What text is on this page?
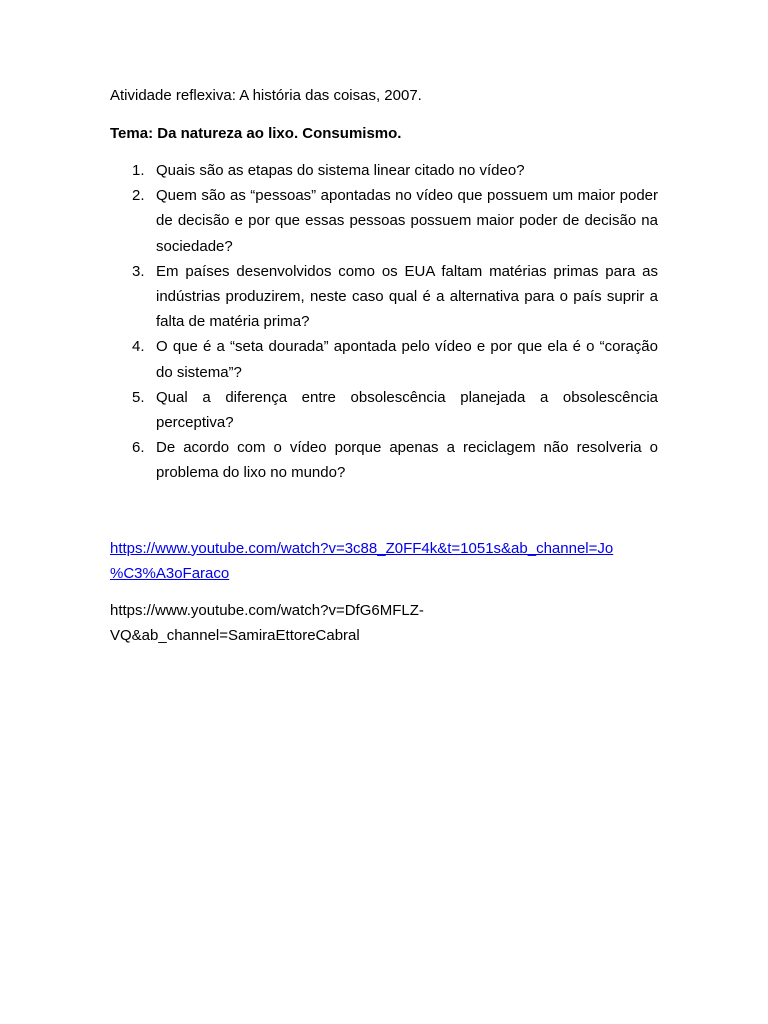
Atividade reflexiva: A história das coisas, 2007.

Tema: Da natureza ao lixo. Consumismo.

1. Quais são as etapas do sistema linear citado no vídeo?
2. Quem são as “pessoas” apontadas no vídeo que possuem um maior poder de decisão e por que essas pessoas possuem maior poder de decisão na sociedade?
3. Em países desenvolvidos como os EUA faltam matérias primas para as indústrias produzirem, neste caso qual é a alternativa para o país suprir a falta de matéria prima?
4. O que é a “seta dourada” apontada pelo vídeo e por que ela é o “coração do sistema”?
5. Qual a diferença entre obsolescência planejada a obsolescência perceptiva?
6. De acordo com o vídeo porque apenas a reciclagem não resolveria o problema do lixo no mundo?
https://www.youtube.com/watch?v=3c88_Z0FF4k&t=1051s&ab_channel=Jo
%C3%A3oFaraco
https://www.youtube.com/watch?v=DfG6MFLZ-
VQ&ab_channel=SamiraEttoreCabral
